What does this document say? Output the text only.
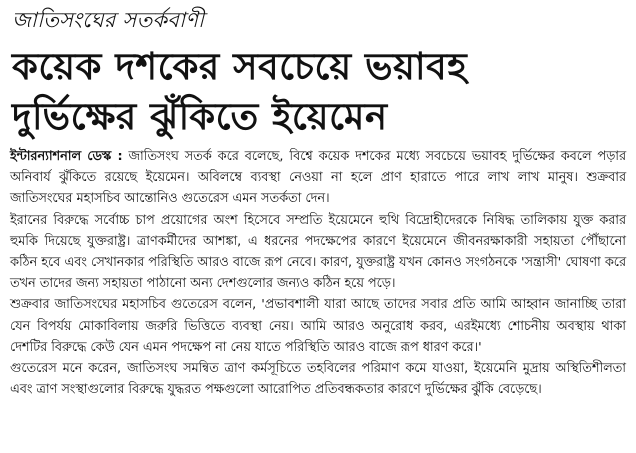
জাতিসংঘের সতর্কবাণী
কয়েক দশকের সবচেয়ে ভয়াবহ
দুর্ভিক্ষের ঝুঁকিতে ইয়েমেন

ইন্টারন্যাশনাল ডেস্ক : জাতিসংঘ সতর্ক করে বলেছে, বিশ্বে কয়েক দশকের মধ্যে সবচেয়ে ভয়াবহ দুর্ভিক্ষের কবলে পড়ার অনিবার্য ঝুঁকিতে রয়েছে ইয়েমেন। অবিলম্বে ব্যবস্থা নেওয়া না হলে প্রাণ হারাতে পারে লাখ লাখ মানুষ। শুক্রবার জাতিসংঘের মহাসচিব আন্তোনিও গুতেরেস এমন সতর্কতা দেন।

ইরানের বিরুদ্ধে সর্বোচ্চ চাপ প্রয়োগের অংশ হিসেবে সম্প্রতি ইয়েমেনে হুথি বিদ্রোহীদেরকে নিষিদ্ধ তালিকায় যুক্ত করার হুমকি দিয়েছে যুক্তরাষ্ট্র। ত্রাণকর্মীদের আশঙ্কা, এ ধরনের পদক্ষেপের কারণে ইয়েমেনে জীবনরক্ষাকারী সহায়তা পৌঁছানো কঠিন হবে এবং সেখানকার পরিস্থিতি আরও বাজে রূপ নেবে। কারণ, যুক্তরাষ্ট্র যখন কোনও সংগঠনকে 'সন্ত্রাসী' ঘোষণা করে তখন তাদের জন্য সহায়তা পাঠানো অন্য দেশগুলোর জন্যও কঠিন হয়ে পড়ে।

শুক্রবার জাতিসংঘের মহাসচিব গুতেরেস বলেন, 'প্রভাবশালী যারা আছে তাদের সবার প্রতি আমি আহ্বান জানাচ্ছি তারা যেন বিপর্যয় মোকাবিলায় জরুরি ভিত্তিতে ব্যবস্থা নেয়। আমি আরও অনুরোধ করব, এরইমধ্যে শোচনীয় অবস্থায় থাকা দেশটির বিরুদ্ধে কেউ যেন এমন পদক্ষেপ না নেয় যাতে পরিস্থিতি আরও বাজে রূপ ধারণ করে।'

গুতেরেস মনে করেন, জাতিসংঘ সমন্বিত ত্রাণ কর্মসূচিতে তহবিলের পরিমাণ কমে যাওয়া, ইয়েমেনি মুদ্রায় অস্থিতিশীলতা এবং ত্রাণ সংস্থাগুলোর বিরুদ্ধে যুদ্ধরত পক্ষগুলো আরোপিত প্রতিবন্ধকতার কারণে দুর্ভিক্ষের ঝুঁকি বেড়েছে।
